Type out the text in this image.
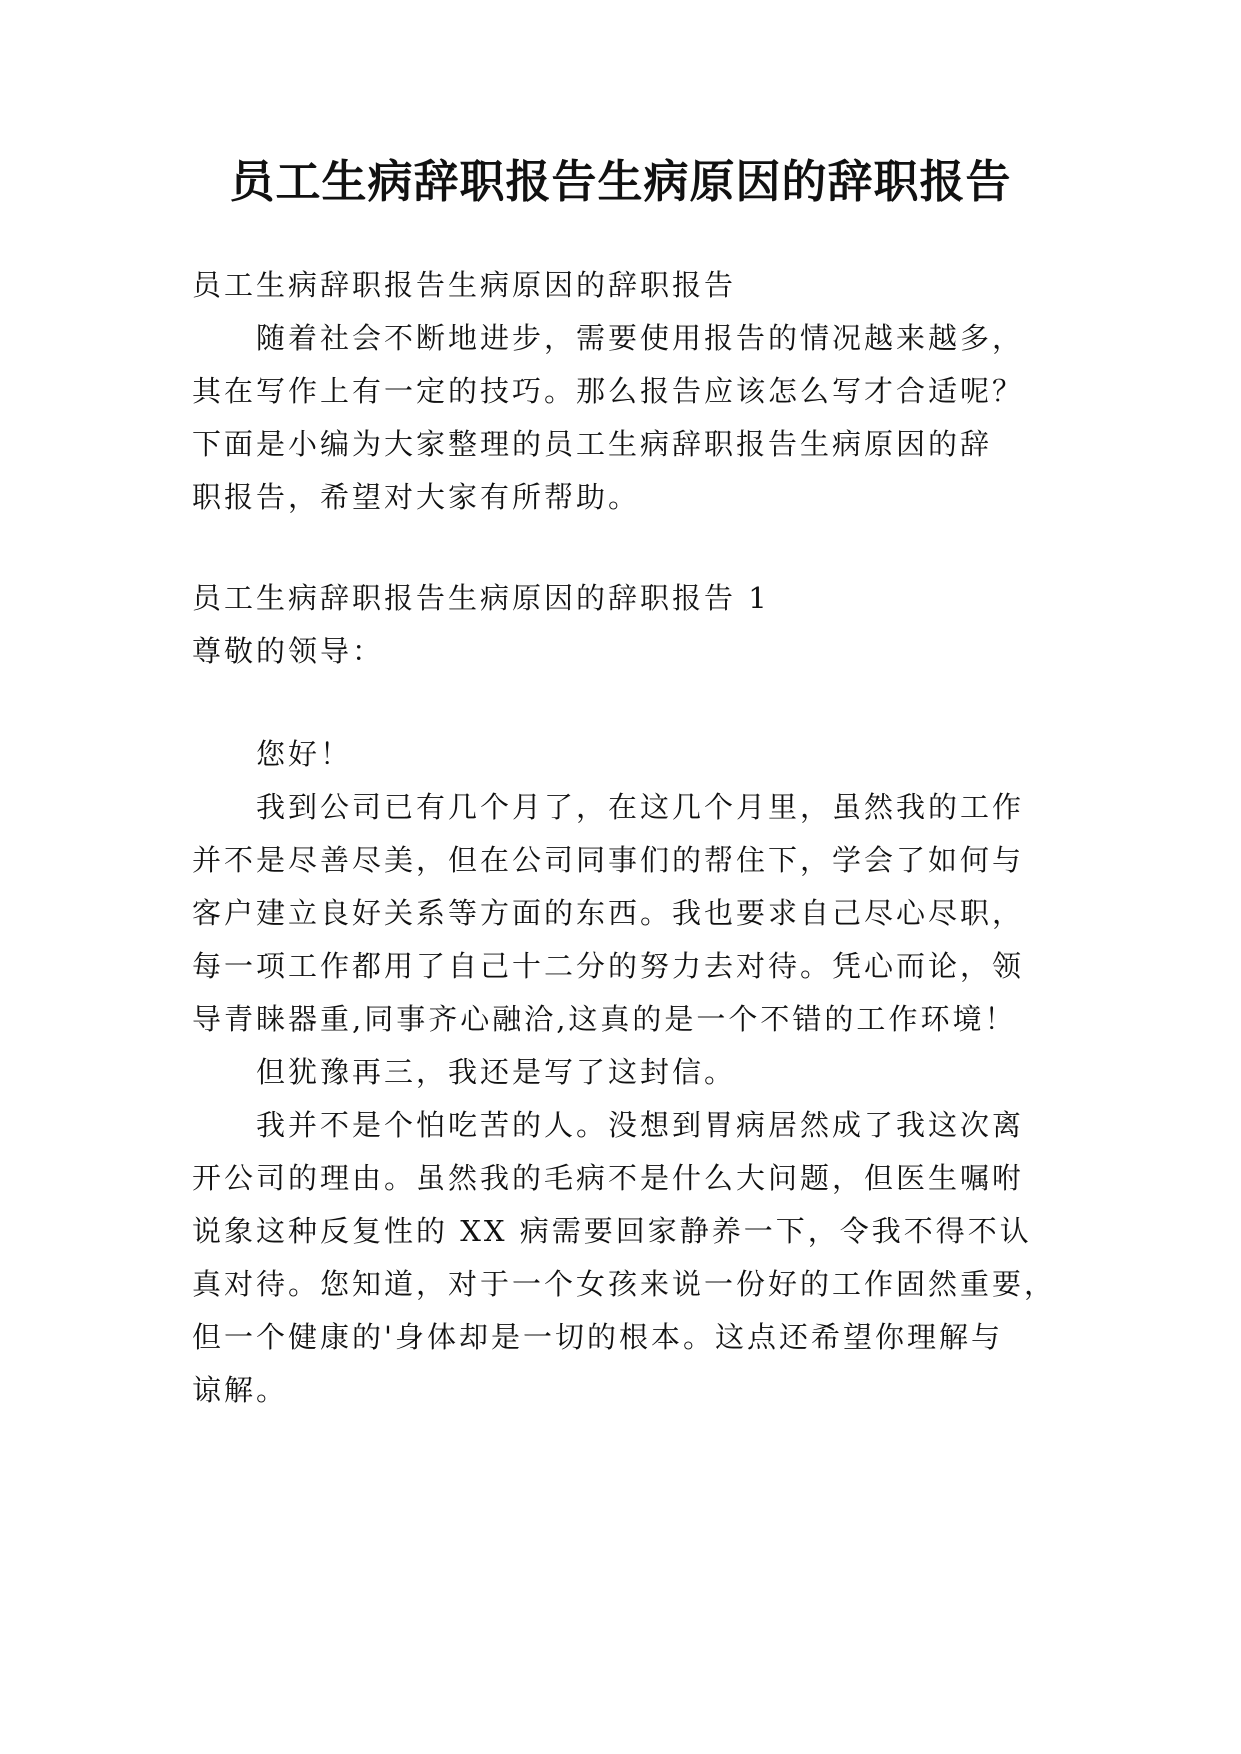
员工生病辞职报告生病原因的辞职报告
员工生病辞职报告生病原因的辞职报告
随着社会不断地进步，需要使用报告的情况越来越多，
其在写作上有一定的技巧。那么报告应该怎么写才合适呢？
下面是小编为大家整理的员工生病辞职报告生病原因的辞
职报告，希望对大家有所帮助。
员工生病辞职报告生病原因的辞职报告 1
尊敬的领导：
您好！
我到公司已有几个月了，在这几个月里，虽然我的工作
并不是尽善尽美，但在公司同事们的帮住下，学会了如何与
客户建立良好关系等方面的东西。我也要求自己尽心尽职，
每一项工作都用了自己十二分的努力去对待。凭心而论，领
导青睐器重,同事齐心融洽,这真的是一个不错的工作环境！
但犹豫再三，我还是写了这封信。
我并不是个怕吃苦的人。没想到胃病居然成了我这次离
开公司的理由。虽然我的毛病不是什么大问题，但医生嘱咐
说象这种反复性的 XX 病需要回家静养一下，令我不得不认
真对待。您知道，对于一个女孩来说一份好的工作固然重要，
但一个健康的'身体却是一切的根本。这点还希望你理解与
谅解。
